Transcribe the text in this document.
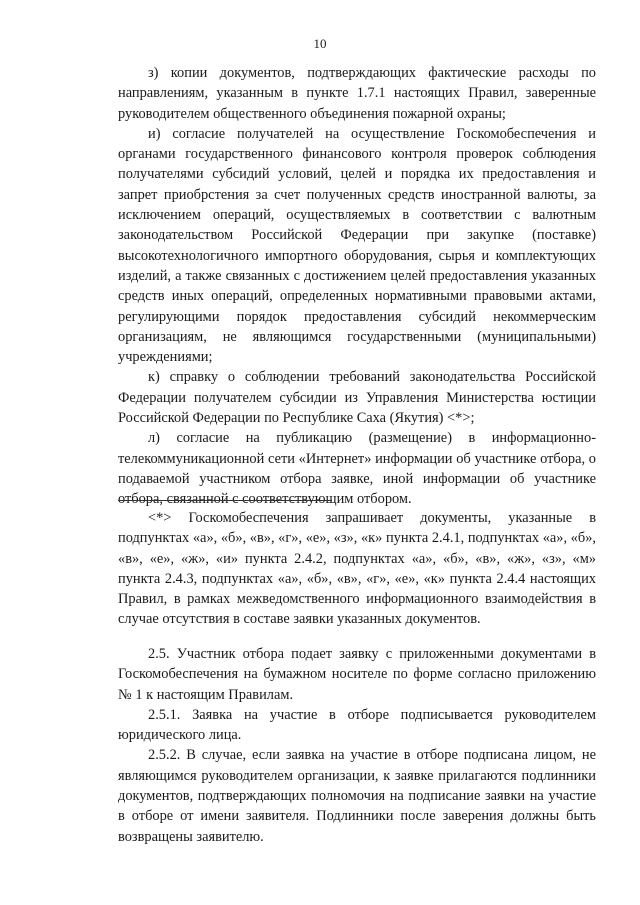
10

з) копии документов, подтверждающих фактические расходы по направлениям, указанным в пункте 1.7.1 настоящих Правил, заверенные руководителем общественного объединения пожарной охраны;

и) согласие получателей на осуществление Госкомобеспечения и органами государственного финансового контроля проверок соблюдения получателями субсидий условий, целей и порядка их предоставления и запрет приобрстения за счет полученных средств иностранной валюты, за исключением операций, осуществляемых в соответствии с валютным законодательством Российской Федерации при закупке (поставке) высокотехнологичного импортного оборудования, сырья и комплектующих изделий, а также связанных с достижением целей предоставления указанных средств иных операций, определенных нормативными правовыми актами, регулирующими порядок предоставления субсидий некоммерческим организациям, не являющимся государственными (муниципальными) учреждениями;

к) справку о соблюдении требований законодательства Российской Федерации получателем субсидии из Управления Министерства юстиции Российской Федерации по Республике Саха (Якутия) <*>;

л) согласие на публикацию (размещение) в информационно-телекоммуникационной сети «Интернет» информации об участнике отбора, о подаваемой участником отбора заявке, иной информации об участнике отбора, связанной с соответствующим отбором.

<*> Госкомобеспечения запрашивает документы, указанные в подпунктах «а», «б», «в», «г», «е», «з», «к» пункта 2.4.1, подпунктах «а», «б», «в», «е», «ж», «и» пункта 2.4.2, подпунктах «а», «б», «в», «ж», «з», «м» пункта 2.4.3, подпунктах «а», «б», «в», «г», «е», «к» пункта 2.4.4 настоящих Правил, в рамках межведомственного информационного взаимодействия в случае отсутствия в составе заявки указанных документов.

2.5. Участник отбора подает заявку с приложенными документами в Госкомобеспечения на бумажном носителе по форме согласно приложению № 1 к настоящим Правилам.

2.5.1. Заявка на участие в отборе подписывается руководителем юридического лица.

2.5.2. В случае, если заявка на участие в отборе подписана лицом, не являющимся руководителем организации, к заявке прилагаются подлинники документов, подтверждающих полномочия на подписание заявки на участие в отборе от имени заявителя. Подлинники после заверения должны быть возвращены заявителю.
